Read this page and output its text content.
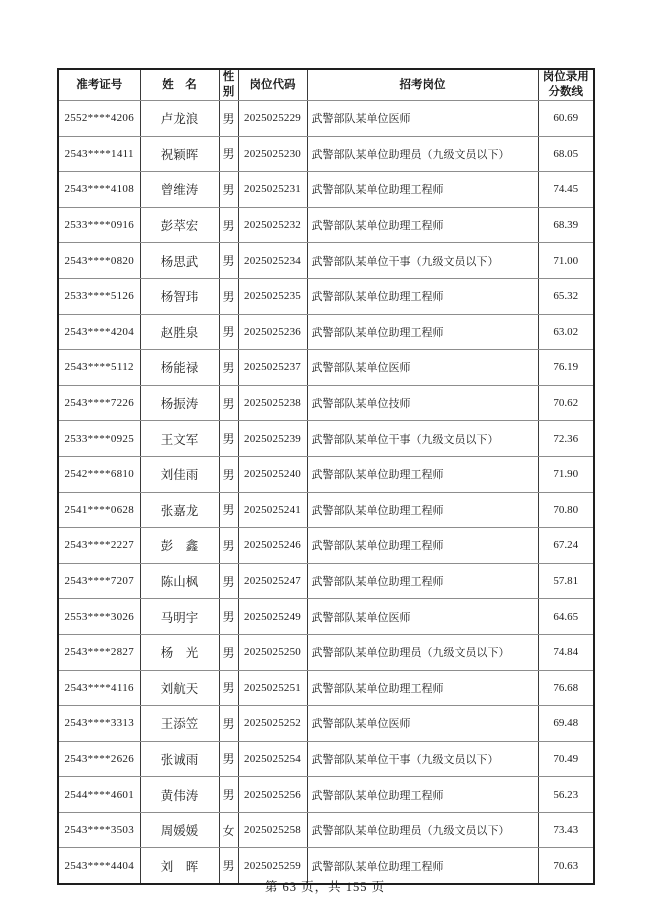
准考证号	姓　名	性别	岗位代码	招考岗位	岗位录用分数线
2552****4206	卢龙浪	男	2025025229	武警部队某单位医师	60.69
2543****1411	祝颖晖	男	2025025230	武警部队某单位助理员（九级文员以下）	68.05
2543****4108	曾维涛	男	2025025231	武警部队某单位助理工程师	74.45
2533****0916	彭萃宏	男	2025025232	武警部队某单位助理工程师	68.39
2543****0820	杨思武	男	2025025234	武警部队某单位干事（九级文员以下）	71.00
2533****5126	杨智玮	男	2025025235	武警部队某单位助理工程师	65.32
2543****4204	赵胜泉	男	2025025236	武警部队某单位助理工程师	63.02
2543****5112	杨能禄	男	2025025237	武警部队某单位医师	76.19
2543****7226	杨振涛	男	2025025238	武警部队某单位技师	70.62
2533****0925	王文军	男	2025025239	武警部队某单位干事（九级文员以下）	72.36
2542****6810	刘佳雨	男	2025025240	武警部队某单位助理工程师	71.90
2541****0628	张嘉龙	男	2025025241	武警部队某单位助理工程师	70.80
2543****2227	彭　鑫	男	2025025246	武警部队某单位助理工程师	67.24
2543****7207	陈山枫	男	2025025247	武警部队某单位助理工程师	57.81
2553****3026	马明宇	男	2025025249	武警部队某单位医师	64.65
2543****2827	杨　光	男	2025025250	武警部队某单位助理员（九级文员以下）	74.84
2543****4116	刘航天	男	2025025251	武警部队某单位助理工程师	76.68
2543****3313	王添笠	男	2025025252	武警部队某单位医师	69.48
2543****2626	张诚雨	男	2025025254	武警部队某单位干事（九级文员以下）	70.49
2544****4601	黄伟涛	男	2025025256	武警部队某单位助理工程师	56.23
2543****3503	周媛媛	女	2025025258	武警部队某单位助理员（九级文员以下）	73.43
2543****4404	刘　晖	男	2025025259	武警部队某单位助理工程师	70.63
第 63 页，共 155 页
